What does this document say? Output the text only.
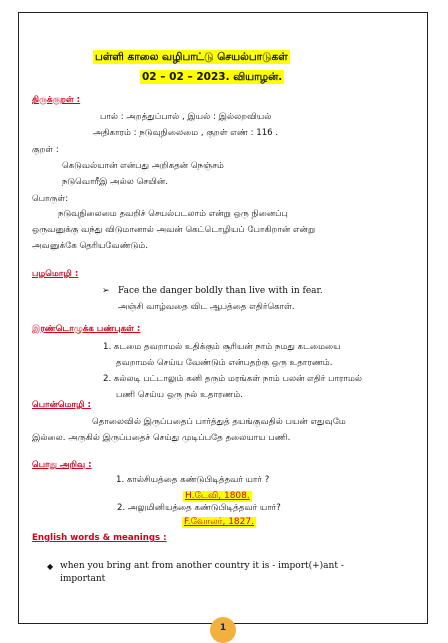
பள்ளி காலை வழிபாட்டு செயல்பாடுகள்
02 – 02 – 2023. வியாழன்.
திருக்குறள் :
பால் : அறத்துப்பால் , இயல் : இல்லறவியல்
அதிகாரம் : நடுவுநிலைமை , குறள் எண் : 116 .
குறள் :
கெடுவல்யான் என்பது அறிகதன் நெஞ்சம்
நடுவொரீஇ அல்ல செயின்.
பொருள்:
நடுவுநிலைமை தவறிச் செயல்படலாம் என்று ஒரு நினைப்பு
ஒருவனுக்கு வந்து விடுமானால் அவன் கெட்டொழியப் போகிறான் என்று
அவனுக்கே தெரியவேண்டும்.
பழமொழி :
➢ Face the danger boldly than live with in fear.
அஞ்சி வாழ்வதை விட ஆபத்தை எதிர்கொள்.
இரண்டொழுக்க பண்புகள் :
1. கடமை தவறாமல் உதிக்கும் சூரியன் நாம் நமது கடமையை
தவறாமல் செய்ய வேண்டும் என்பதற்கு ஒரு உதாரணம்.
2. கல்லடி பட்டாலும் கனி தரும் மரங்கள் நாம் பலன் எதிர் பாராமல்
பணி செய்ய ஒரு நல் உதாரணம்.
பொன்மொழி :
தொலைவில் இருப்பதைப் பார்த்துத் தயங்குவதில் பயன் எதுவுமே
இல்லை. அருகில் இருப்பதைச் செய்து முடிப்பதே தலையாய பணி.
பொது அறிவு :
1. கால்சியத்தை கண்டுபிடித்தவர் யார் ?
H.டேவி, 1808.
2. அலுமினியத்தை கண்டுபிடித்தவர் யார்?
F.வோலர், 1827.
English words & meanings :
◆ when you bring ant from another country it is - import(+)ant -
important
1
